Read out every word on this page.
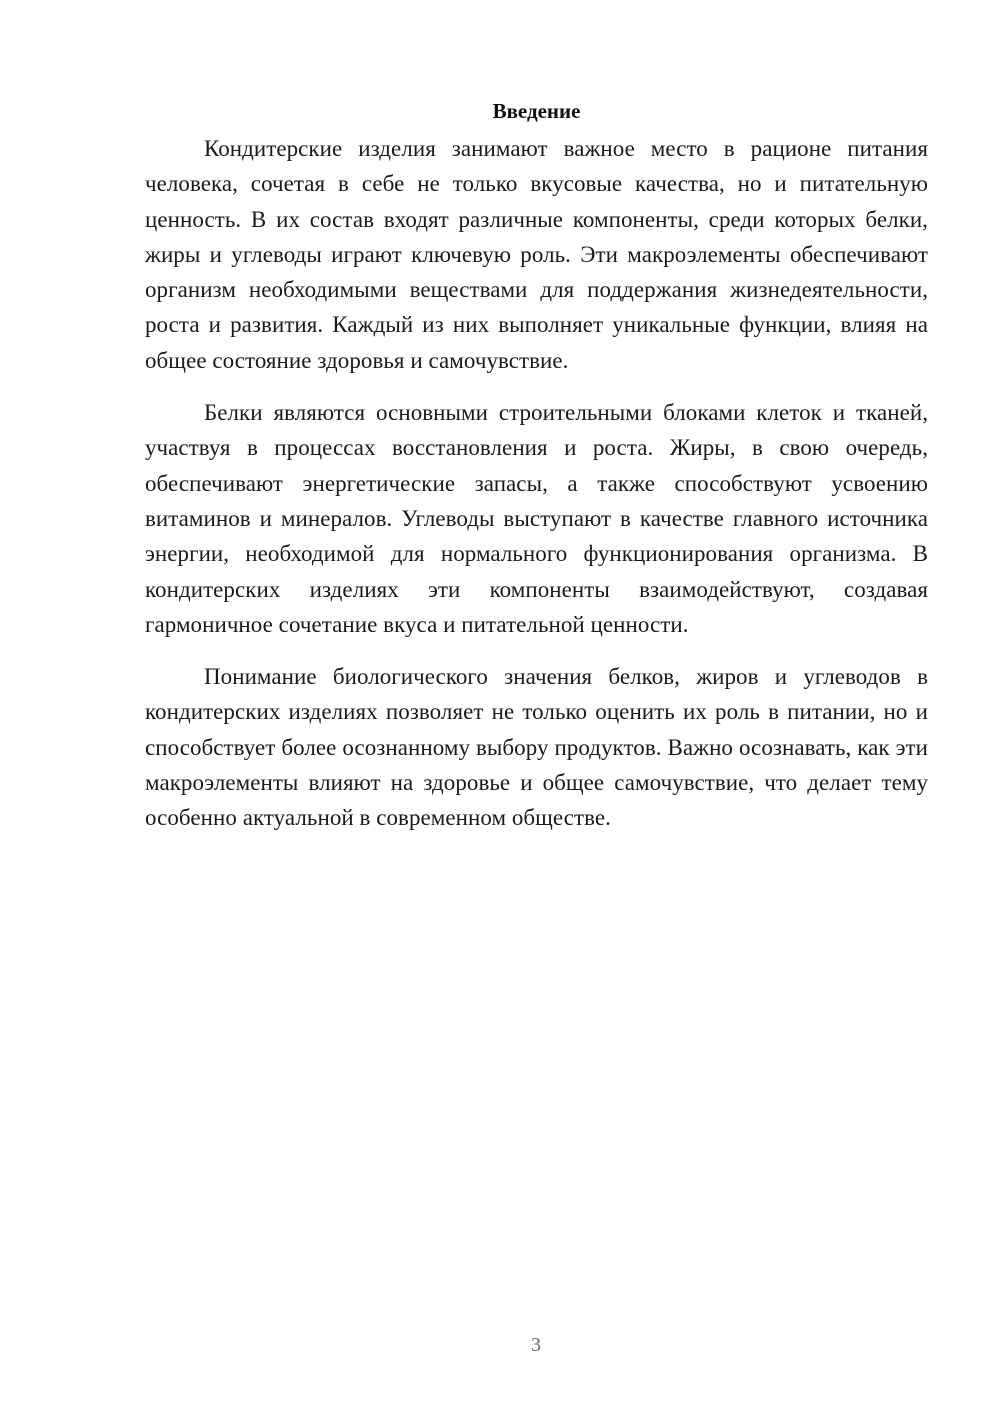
Введение

Кондитерские изделия занимают важное место в рационе питания человека, сочетая в себе не только вкусовые качества, но и питательную ценность. В их состав входят различные компоненты, среди которых белки, жиры и углеводы играют ключевую роль. Эти макроэлементы обеспечивают организм необходимыми веществами для поддержания жизнедеятельности, роста и развития. Каждый из них выполняет уникальные функции, влияя на общее состояние здоровья и самочувствие.

Белки являются основными строительными блоками клеток и тканей, участвуя в процессах восстановления и роста. Жиры, в свою очередь, обеспечивают энергетические запасы, а также способствуют усвоению витаминов и минералов. Углеводы выступают в качестве главного источника энергии, необходимой для нормального функционирования организма. В кондитерских изделиях эти компоненты взаимодействуют, создавая гармоничное сочетание вкуса и питательной ценности.

Понимание биологического значения белков, жиров и углеводов в кондитерских изделиях позволяет не только оценить их роль в питании, но и способствует более осознанному выбору продуктов. Важно осознавать, как эти макроэлементы влияют на здоровье и общее самочувствие, что делает тему особенно актуальной в современном обществе.

3
